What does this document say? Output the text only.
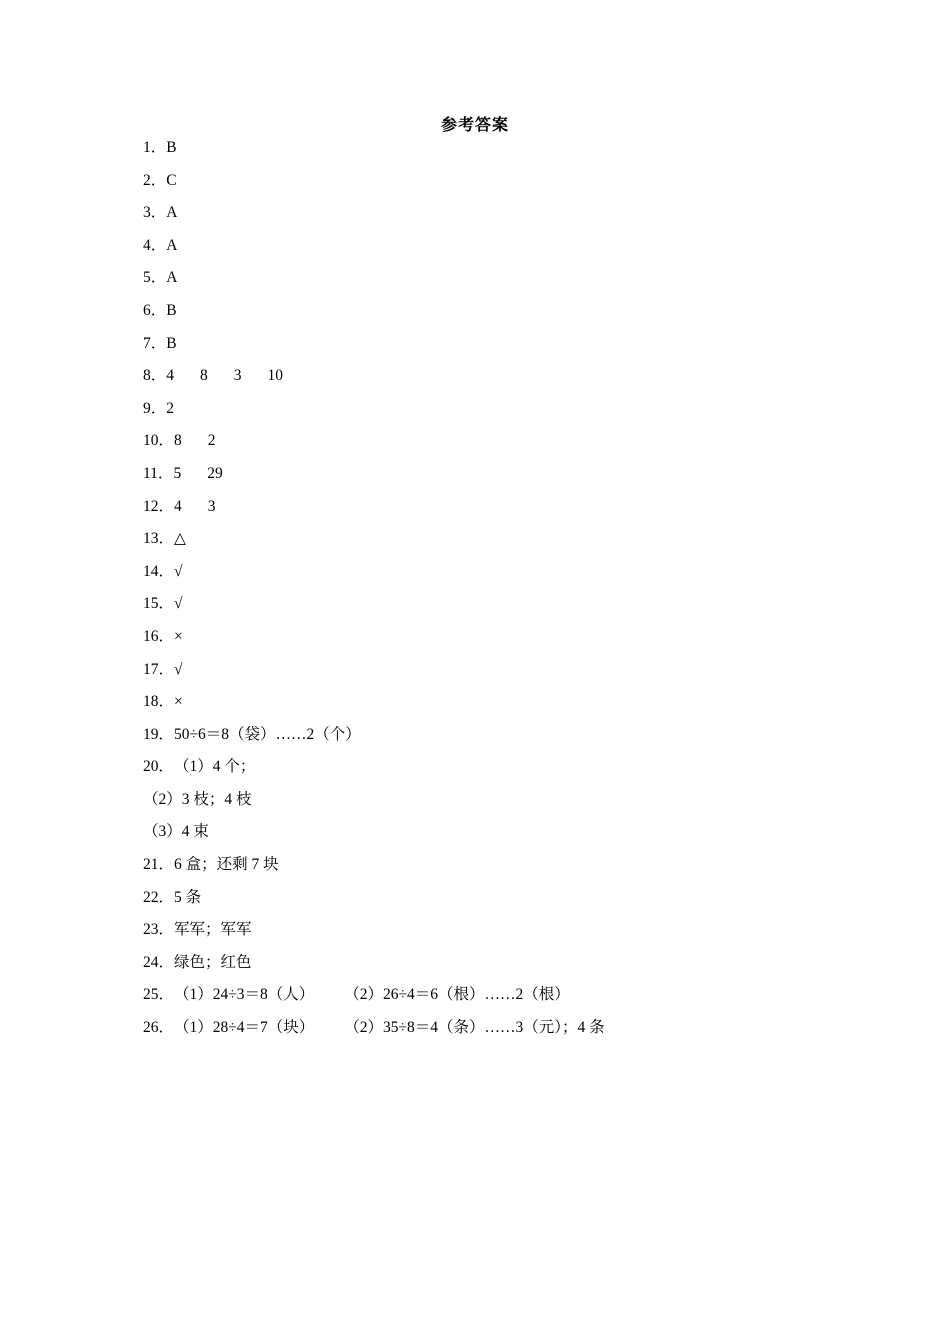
参考答案
1．B
2．C
3．A
4．A
5．A
6．B
7．B
8．4 8 3 10
9．2
10．8 2
11．5 29
12．4 3
13．△
14．√
15．√
16．×
17．√
18．×
19．50÷6＝8（袋）……2（个）
20．（1）4 个；
（2）3 枝；4 枝
（3）4 束
21．6 盒；还剩 7 块
22．5 条
23．军军；军军
24．绿色；红色
25．（1）24÷3＝8（人） （2）26÷4＝6（根）……2（根）
26．（1）28÷4＝7（块） （2）35÷8＝4（条）……3（元）；4 条
